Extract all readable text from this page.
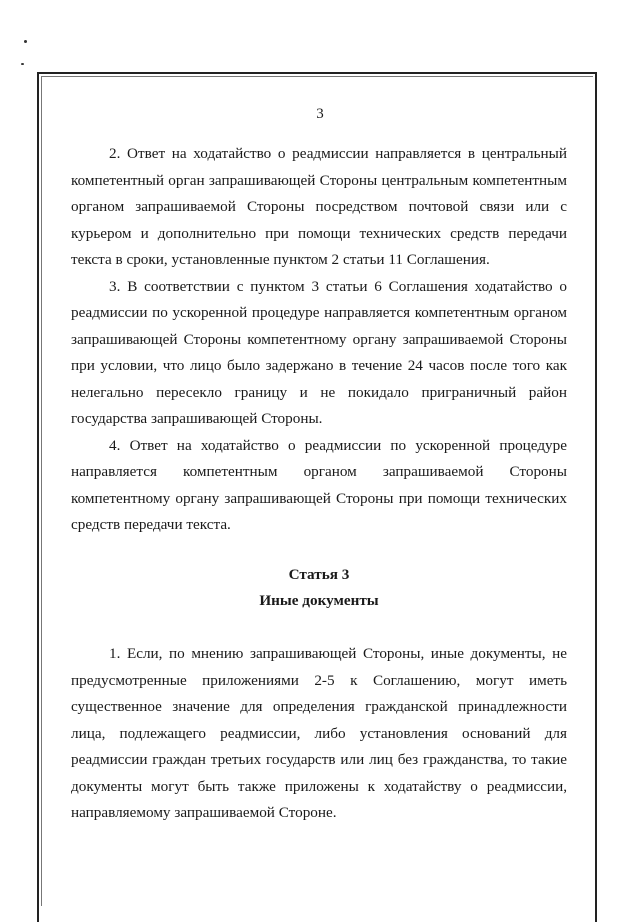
3

2. Ответ на ходатайство о реадмиссии направляется в центральный компетентный орган запрашивающей Стороны центральным компетентным органом запрашиваемой Стороны посредством почтовой связи или с курьером и дополнительно при помощи технических средств передачи текста в сроки, установленные пунктом 2 статьи 11 Соглашения.

3. В соответствии с пунктом 3 статьи 6 Соглашения ходатайство о реадмиссии по ускоренной процедуре направляется компетентным органом запрашивающей Стороны компетентному органу запрашиваемой Стороны при условии, что лицо было задержано в течение 24 часов после того как нелегально пересекло границу и не покидало приграничный район государства запрашивающей Стороны.

4. Ответ на ходатайство о реадмиссии по ускоренной процедуре направляется компетентным органом запрашиваемой Стороны компетентному органу запрашивающей Стороны при помощи технических средств передачи текста.

Статья 3

Иные документы

1. Если, по мнению запрашивающей Стороны, иные документы, не предусмотренные приложениями 2-5 к Соглашению, могут иметь существенное значение для определения гражданской принадлежности лица, подлежащего реадмиссии, либо установления оснований для реадмиссии граждан третьих государств или лиц без гражданства, то такие документы могут быть также приложены к ходатайству о реадмиссии, направляемому запрашиваемой Стороне.
